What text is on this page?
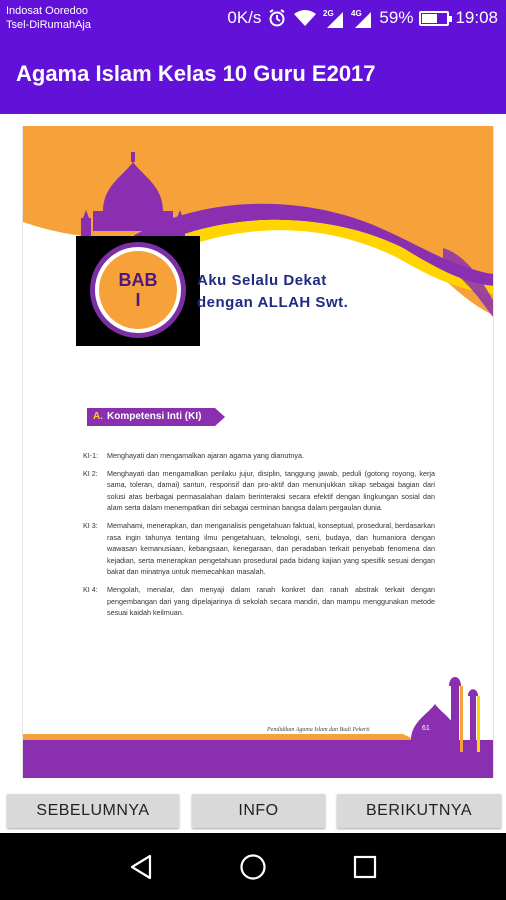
Indosat Ooredoo
Tsel-DiRumahAja	0K/s	2G 4G 59% 19:08
Agama Islam Kelas 10 Guru E2017
BAB
I
Aku Selalu Dekat
dengan ALLAH Swt.
A. Kompetensi Inti (KI)
KI-1:	Menghayati dan mengamalkan ajaran agama yang dianutnya.
KI 2:	Menghayati dan mengamalkan perilaku jujur, disiplin, tanggung jawab, peduli (gotong royong, kerja sama, toleran, damai) santun, responsif dan pro-aktif dan menunjukkan sikap sebagai bagian dari solusi atas berbagai permasalahan dalam berinteraksi secara efektif dengan lingkungan sosial dan alam serta dalam menempatkan diri sebagai cerminan bangsa dalam pergaulan dunia.
KI 3:	Memahami, menerapkan, dan menganalisis pengetahuan faktual, konseptual, prosedural, berdasarkan rasa ingin tahunya tentang ilmu pengetahuan, teknologi, seni, budaya, dan humaniora dengan wawasan kemanusiaan, kebangsaan, kenegaraan, dan peradaban terkait penyebab fenomena dan kejadian, serta menerapkan pengetahuan prosedural pada bidang kajian yang spesifik sesuai dengan bakat dan minatnya untuk memecahkan masalah.
KI 4:	Mengolah, menalar, dan menyaji dalam ranah konkret dan ranah abstrak terkait dengan pengembangan dari yang dipelajarinya di sekolah secara mandiri, dan mampu menggunakan metode sesuai kaidah keilmuan.
Pendidikan Agama Islam dan Budi Pekerti	61
SEBELUMNYA	INFO	BERIKUTNYA
